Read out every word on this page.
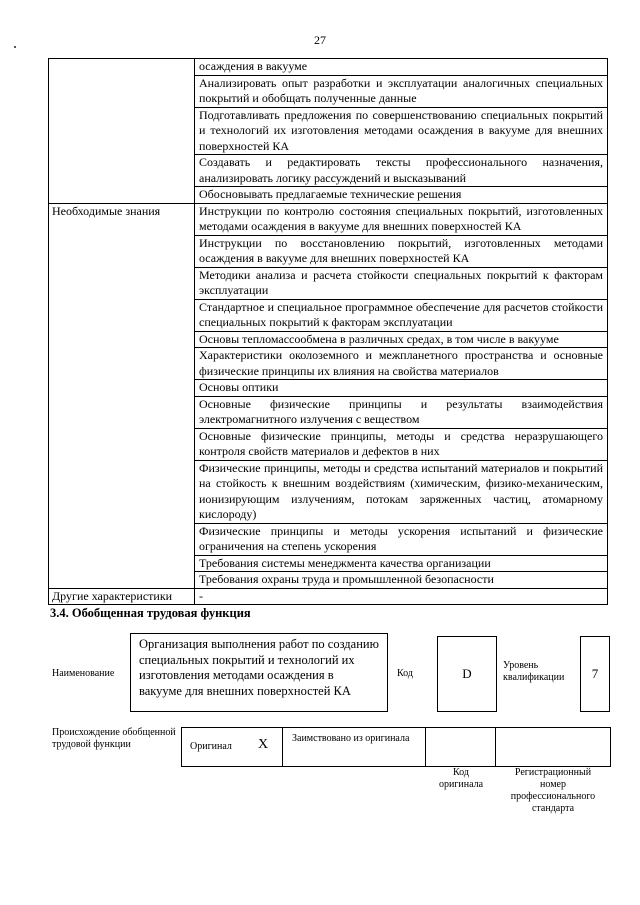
27
	осаждения в вакууме
	Анализировать опыт разработки и эксплуатации аналогичных специальных покрытий и обобщать полученные данные
	Подготавливать предложения по совершенствованию специальных покрытий и технологий их изготовления методами осаждения в вакууме для внешних поверхностей КА
	Создавать и редактировать тексты профессионального назначения, анализировать логику рассуждений и высказываний
	Обосновывать предлагаемые технические решения
Необходимые знания	Инструкции по контролю состояния специальных покрытий, изготовленных методами осаждения в вакууме для внешних поверхностей КА
	Инструкции по восстановлению покрытий, изготовленных методами осаждения в вакууме для внешних поверхностей КА
	Методики анализа и расчета стойкости специальных покрытий к факторам эксплуатации
	Стандартное и специальное программное обеспечение для расчетов стойкости специальных покрытий к факторам эксплуатации
	Основы тепломассообмена в различных средах, в том числе в вакууме
	Характеристики околоземного и межпланетного пространства и основные физические принципы их влияния на свойства материалов
	Основы оптики
	Основные физические принципы и результаты взаимодействия электромагнитного излучения с веществом
	Основные физические принципы, методы и средства неразрушающего контроля свойств материалов и дефектов в них
	Физические принципы, методы и средства испытаний материалов и покрытий на стойкость к внешним воздействиям (химическим, физико-механическим, ионизирующим излучениям, потокам заряженных частиц, атомарному кислороду)
	Физические принципы и методы ускорения испытаний и физические ограничения на степень ускорения
	Требования системы менеджмента качества организации
	Требования охраны труда и промышленной безопасности
Другие характеристики	-
3.4. Обобщенная трудовая функция
Наименование
Организация выполнения работ по созданию специальных покрытий и технологий их изготовления методами осаждения в вакууме для внешних поверхностей КА
Код	D
Уровень квалификации	7
Происхождение обобщенной трудовой функции	Оригинал X Заимствовано из оригинала
Код оригинала
Регистрационный номер профессионального стандарта
